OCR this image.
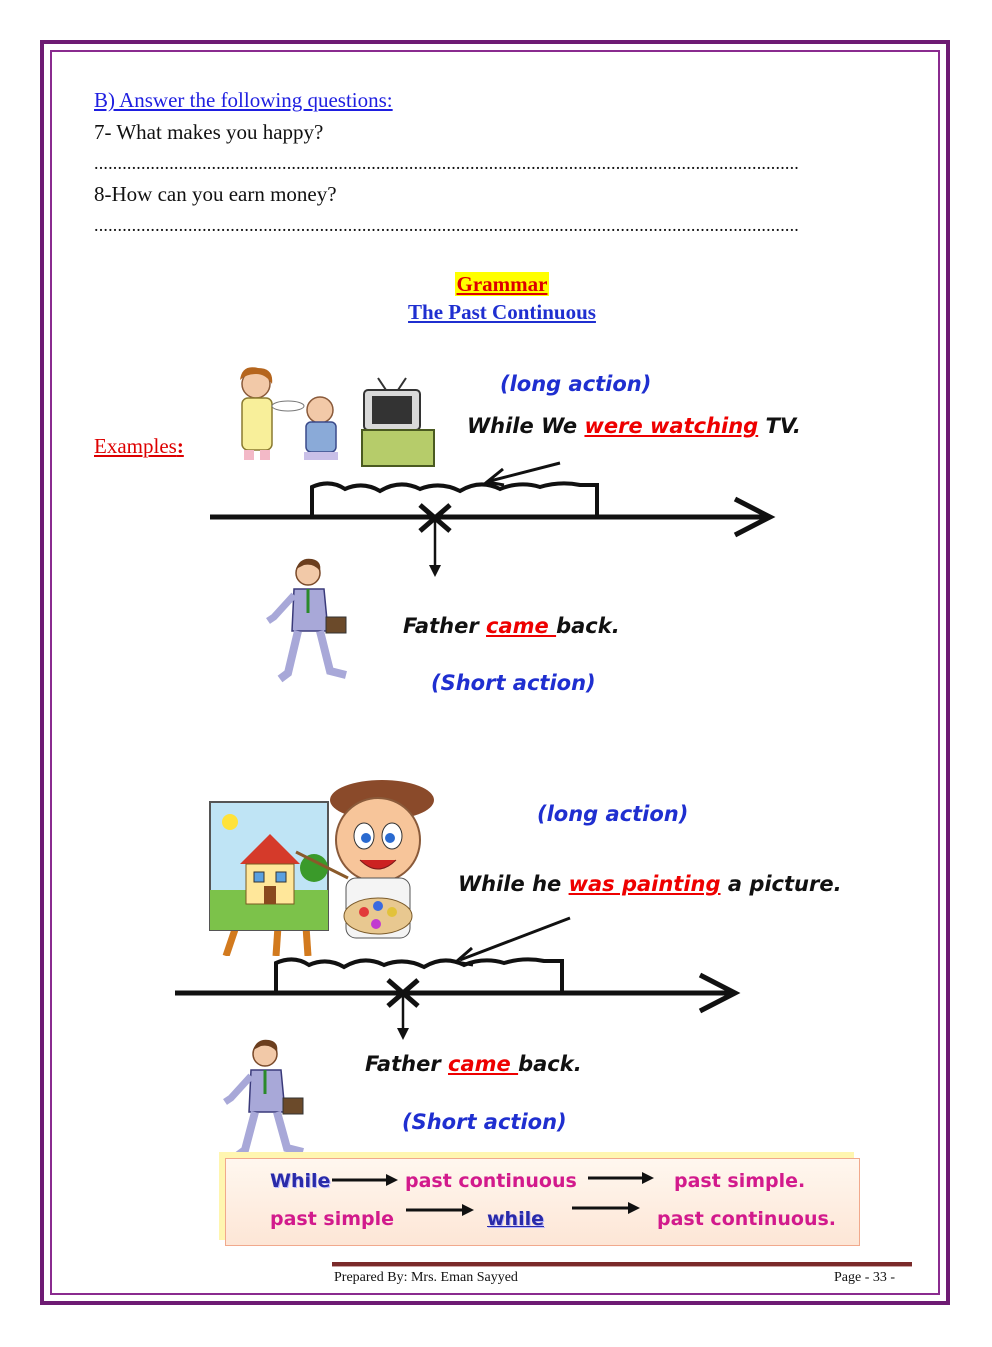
B) Answer the following questions:
7- What makes you happy?
......................................................................................................................................................
8-How can you earn money?
......................................................................................................................................................
Grammar
The Past Continuous
Examples:
(long action)
While We were watching TV.
Father came back.
(Short action)
(long action)
While he was painting a picture.
Father came back.
(Short action)
While	past continuous	past simple.
past simple	while	past continuous.
Prepared By: Mrs. Eman Sayyed	Page - 33 -
